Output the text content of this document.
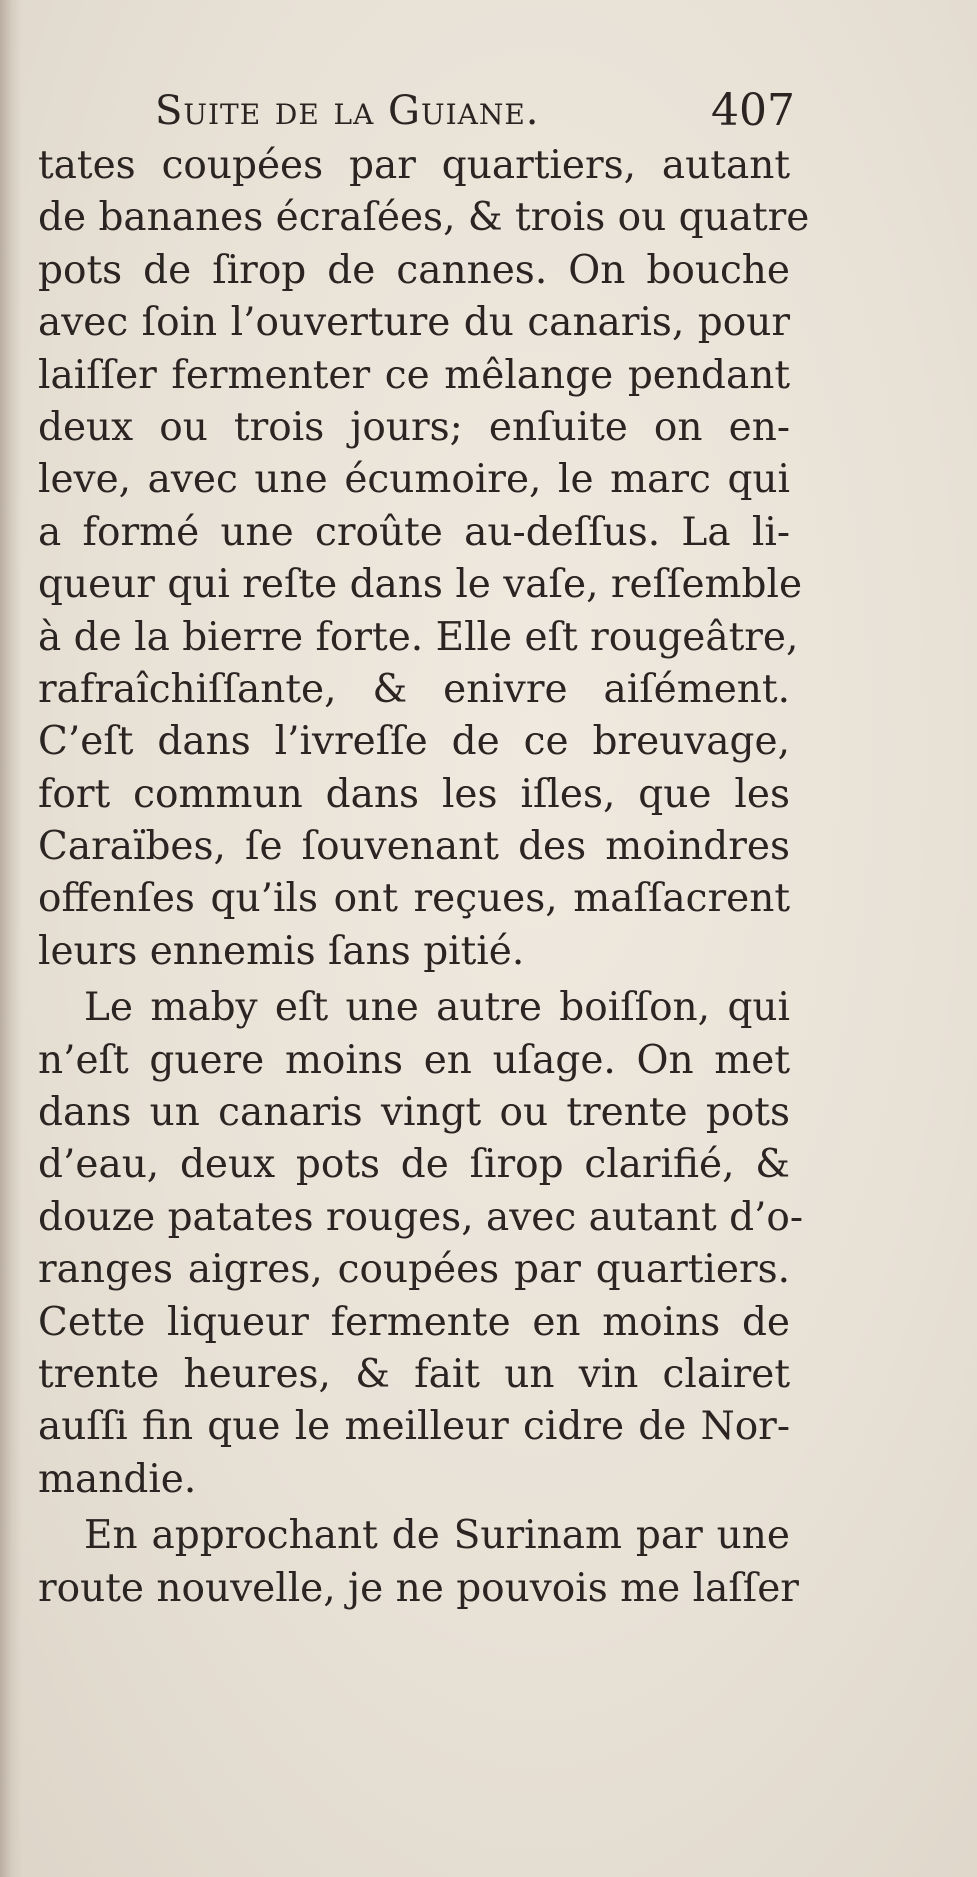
Suite de la Guiane.	407
tates coupées par quartiers, autant
de bananes écraſées, & trois ou quatre
pots de ſirop de cannes. On bouche
avec ſoin l’ouverture du canaris, pour
laiſſer fermenter ce mêlange pendant
deux ou trois jours; enſuite on en-
leve, avec une écumoire, le marc qui
a formé une croûte au-deſſus. La li-
queur qui reſte dans le vaſe, reſſemble
à de la bierre forte. Elle eſt rougeâtre,
rafraîchiſſante, & enivre aiſément.
C’eſt dans l’ivreſſe de ce breuvage,
fort commun dans les iſles, que les
Caraïbes, ſe ſouvenant des moindres
offenſes qu’ils ont reçues, maſſacrent
leurs ennemis ſans pitié.
Le maby eſt une autre boiſſon, qui
n’eſt guere moins en uſage. On met
dans un canaris vingt ou trente pots
d’eau, deux pots de ſirop clarifié, &
douze patates rouges, avec autant d’o-
ranges aigres, coupées par quartiers.
Cette liqueur fermente en moins de
trente heures, & fait un vin clairet
auſſi fin que le meilleur cidre de Nor-
mandie.
En approchant de Surinam par une
route nouvelle, je ne pouvois me laſſer
